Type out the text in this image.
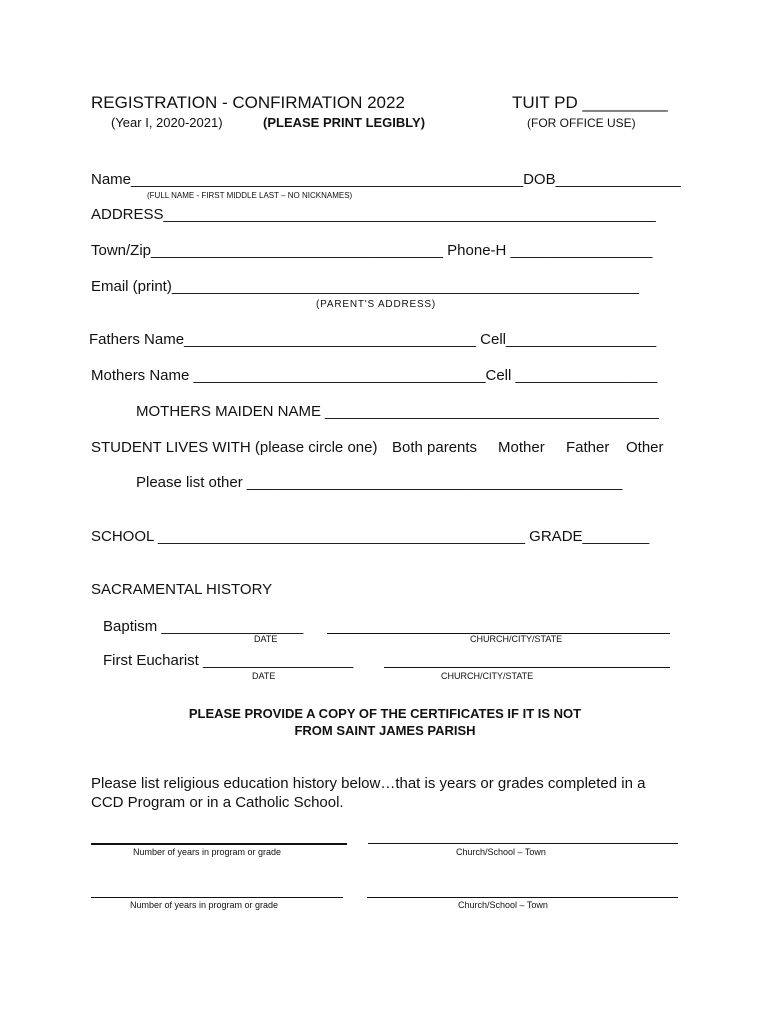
REGISTRATION - CONFIRMATION 2022
(Year I, 2020-2021)	(PLEASE PRINT LEGIBLY)
TUIT PD _________
(FOR OFFICE USE)
Name_______________________________________________DOB_______________
(FULL NAME - FIRST MIDDLE LAST – NO NICKNAMES)
ADDRESS___________________________________________________________
Town/Zip___________________________________ Phone-H _________________
Email (print)________________________________________________________
(PARENT'S ADDRESS)
Fathers Name___________________________________ Cell__________________
Mothers Name ___________________________________Cell _________________
MOTHERS MAIDEN NAME ________________________________________
STUDENT LIVES WITH (please circle one) Both parents Mother Father Other
Please list other _____________________________________________
SCHOOL ____________________________________________ GRADE________
SACRAMENTAL HISTORY
Baptism _________________
DATE	CHURCH/CITY/STATE
First Eucharist __________________
DATE	CHURCH/CITY/STATE
PLEASE PROVIDE A COPY OF THE CERTIFICATES IF IT IS NOT
FROM SAINT JAMES PARISH
Please list religious education history below…that is years or grades completed in a
CCD Program or in a Catholic School.
Number of years in program or grade	Church/School – Town
Number of years in program or grade	Church/School – Town
